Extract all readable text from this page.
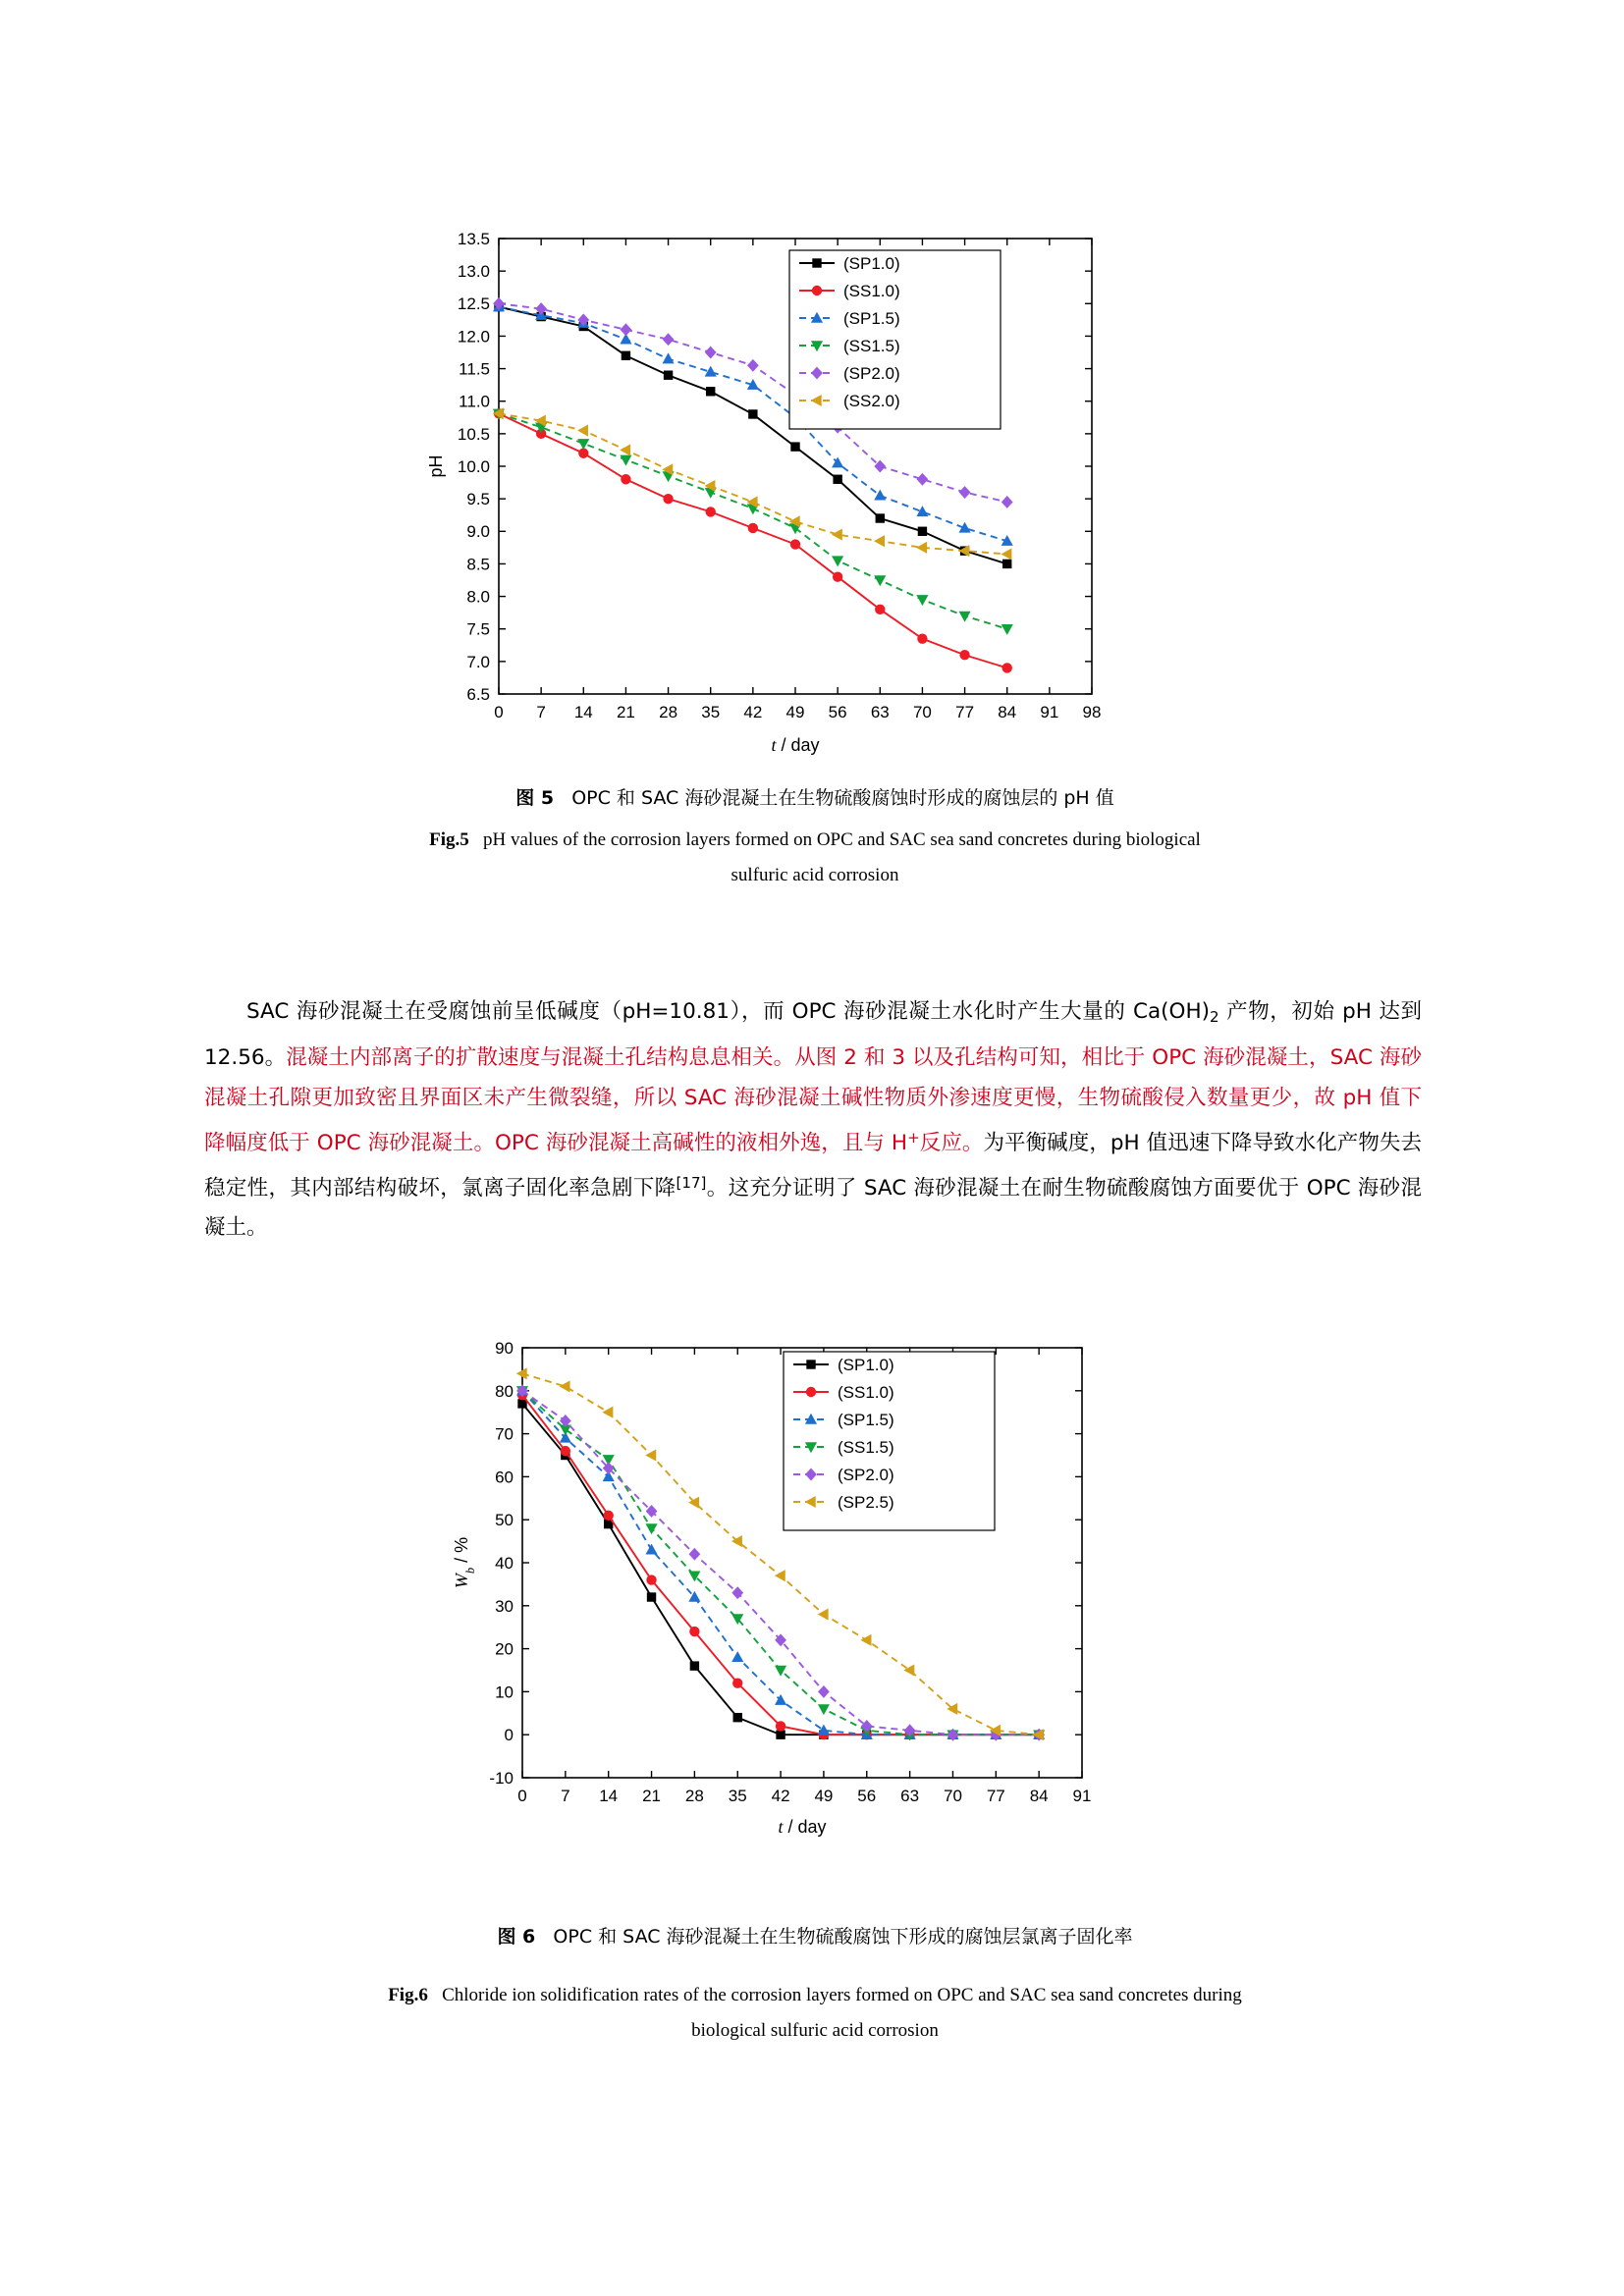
0 7 14 21 28 35 42 49 56 63 70 77 84 91 98
6.5
7.0
7.5
8.0
8.5
9.0
9.5
10.0
10.5
11.0
11.5
12.0
12.5
13.0
13.5
t / day
pH
(SP1.0)
(SS1.0)
(SP1.5)
(SS1.5)
(SP2.0)
(SS2.0)
图 5 OPC 和 SAC 海砂混凝土在生物硫酸腐蚀时形成的腐蚀层的 pH 值
Fig.5 pH values of the corrosion layers formed on OPC and SAC sea sand concretes during biological
sulfuric acid corrosion
SAC 海砂混凝土在受腐蚀前呈低碱度（pH=10.81），而 OPC 海砂混凝土水化时产生大量的 $Ca(OH)_2$ 产物，初始 pH 达到 12.56。混凝土内部离子的扩散速度与混凝土孔结构息息相关。从图 2 和 3 以及孔结构可知，相比于 OPC 海砂混凝土，SAC 海砂混凝土孔隙更加致密且界面区未产生微裂缝，所以 SAC 海砂混凝土碱性物质外渗速度更慢，生物硫酸侵入数量更少，故 pH 值下降幅度低于 OPC 海砂混凝土。OPC 海砂混凝土高碱性的液相外逸，且与 H+反应。为平衡碱度，pH 值迅速下降导致水化产物失去稳定性，其内部结构破坏，氯离子固化率急剧下降[17]。这充分证明了 SAC 海砂混凝土在耐生物硫酸腐蚀方面要优于 OPC 海砂混凝土。
0 7 14 21 28 35 42 49 56 63 70 77 84 91
-10
0
10
20
30
40
50
60
70
80
90
t / day
$W_b$ / %
(SP1.0)
(SS1.0)
(SP1.5)
(SS1.5)
(SP2.0)
(SP2.5)
图 6 OPC 和 SAC 海砂混凝土在生物硫酸腐蚀下形成的腐蚀层氯离子固化率
Fig.6 Chloride ion solidification rates of the corrosion layers formed on OPC and SAC sea sand concretes during
biological sulfuric acid corrosion
